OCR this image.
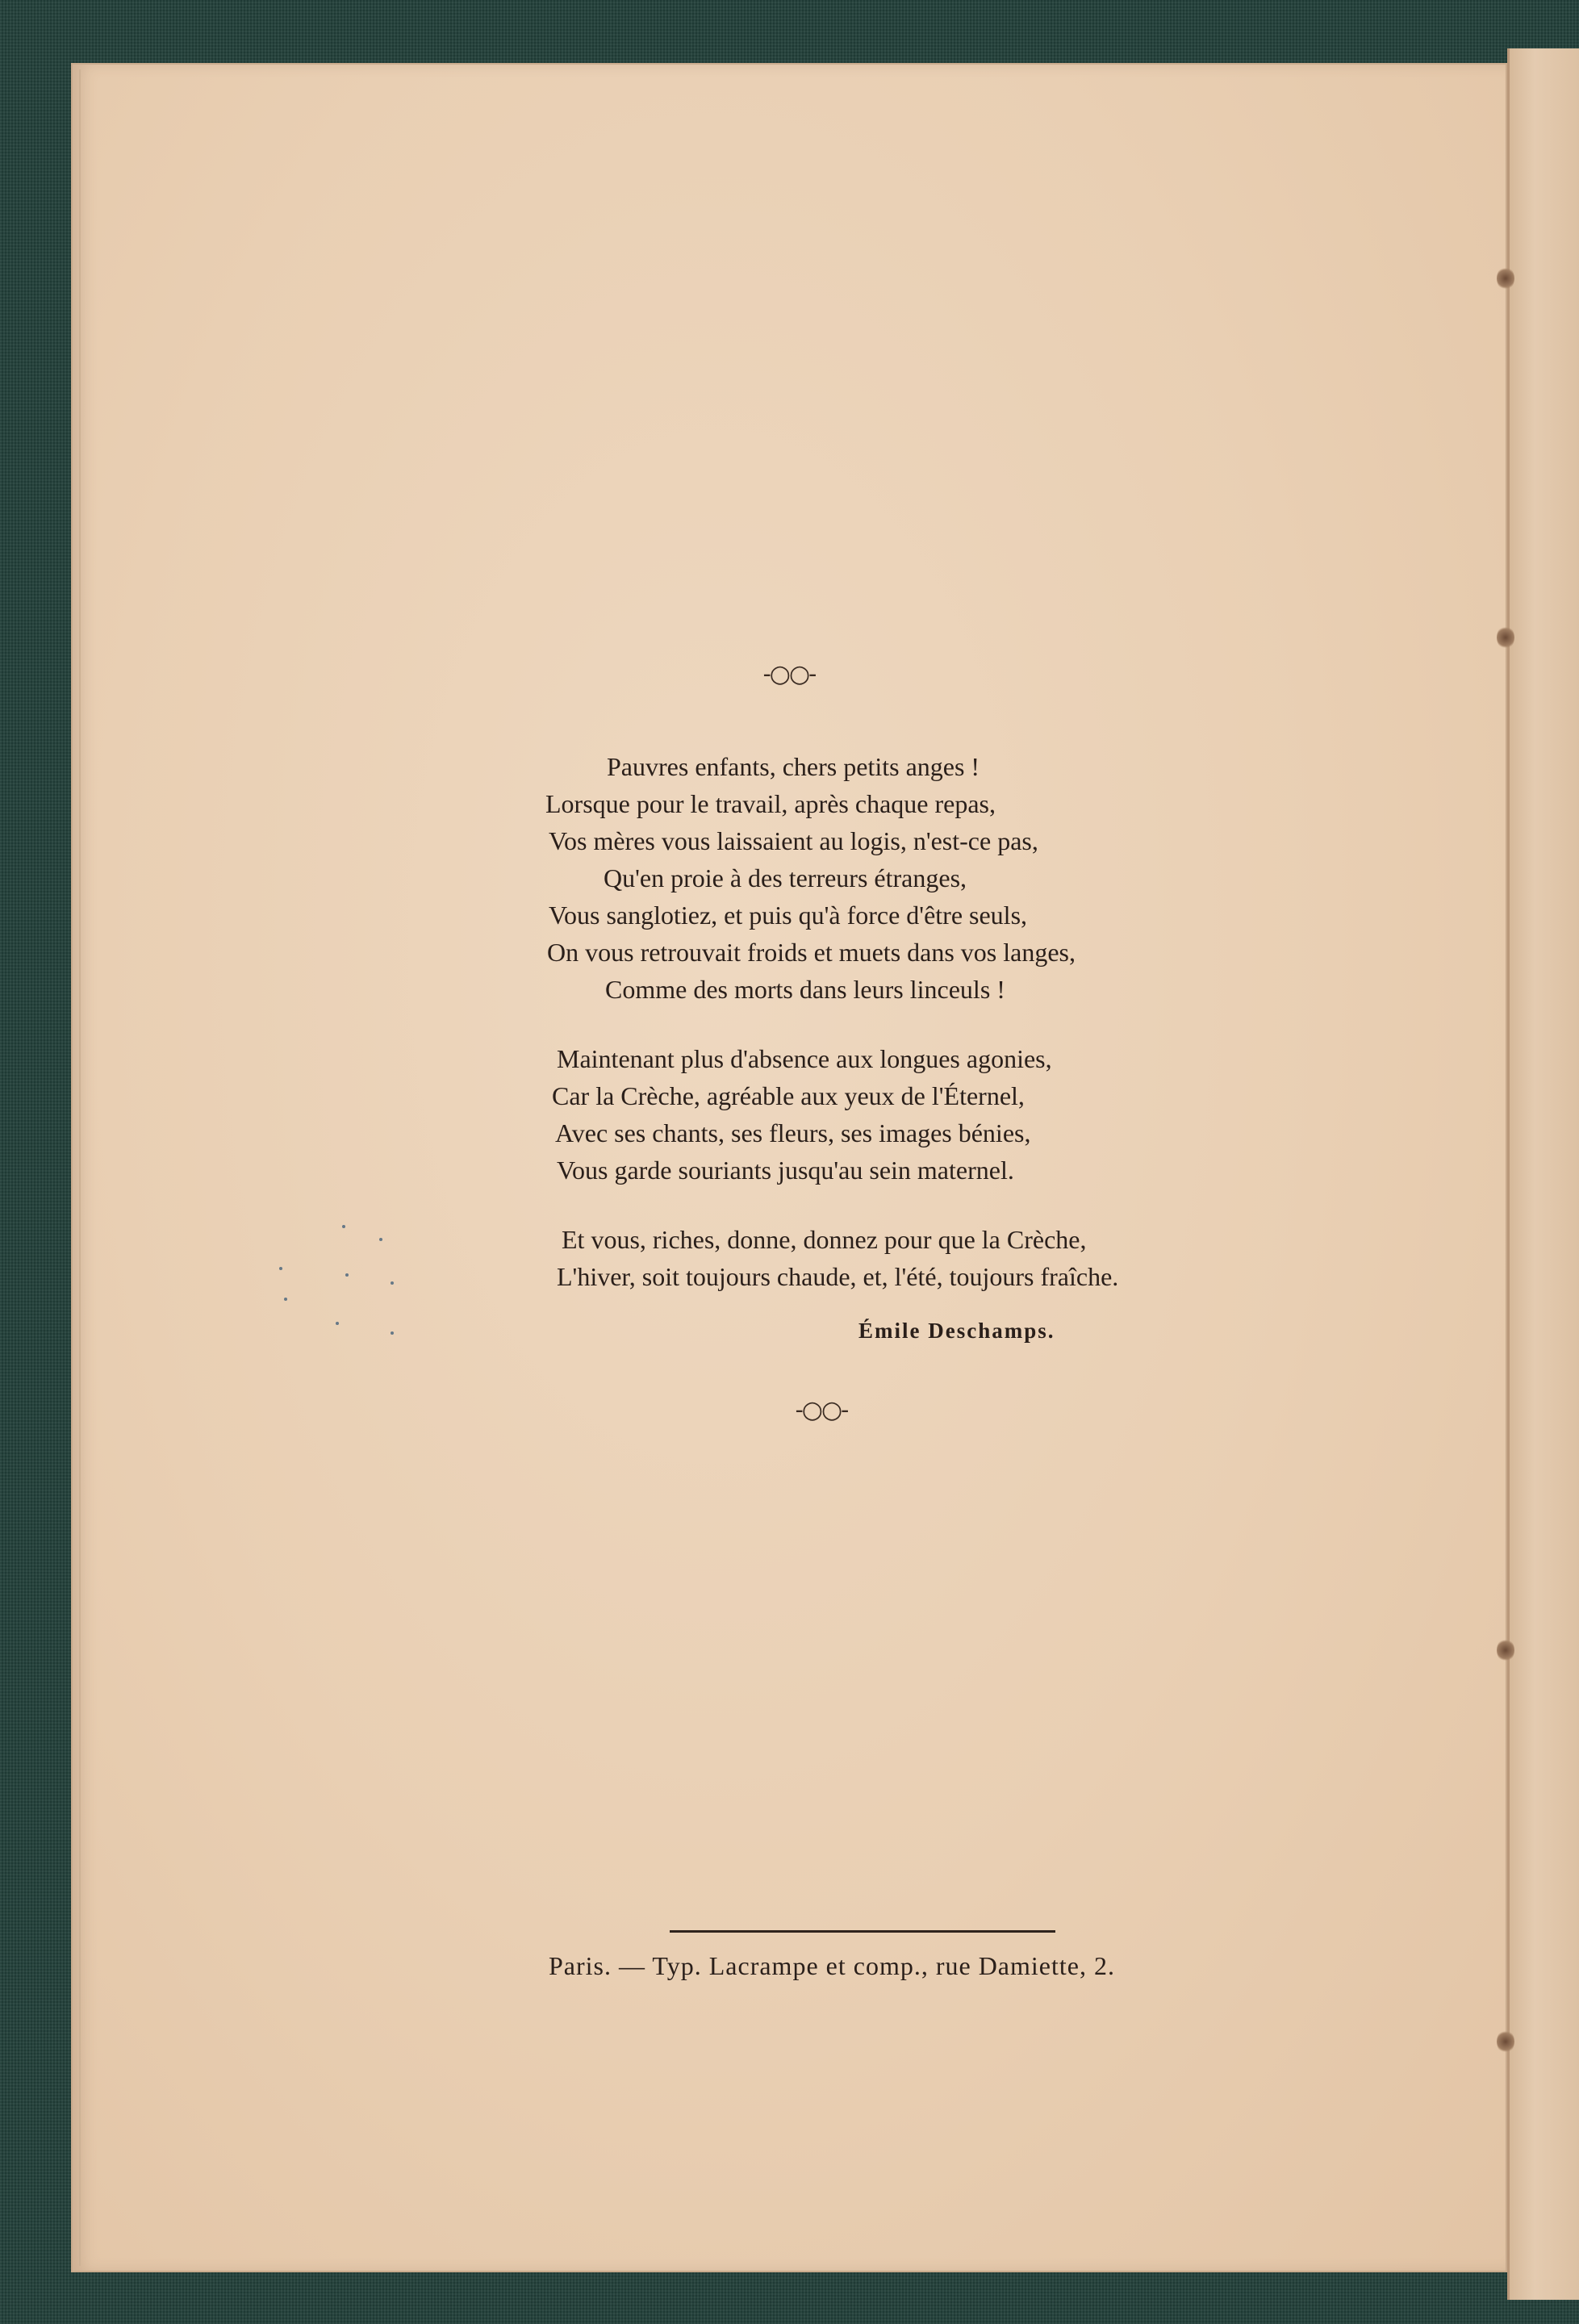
-○○-
Pauvres enfants, chers petits anges !
Lorsque pour le travail, après chaque repas,
Vos mères vous laissaient au logis, n'est-ce pas,
Qu'en proie à des terreurs étranges,
Vous sanglotiez, et puis qu'à force d'être seuls,
On vous retrouvait froids et muets dans vos langes,
Comme des morts dans leurs linceuls !
Maintenant plus d'absence aux longues agonies,
Car la Crèche, agréable aux yeux de l'Éternel,
Avec ses chants, ses fleurs, ses images bénies,
Vous garde souriants jusqu'au sein maternel.
Et vous, riches, donne, donnez pour que la Crèche,
L'hiver, soit toujours chaude, et, l'été, toujours fraîche.
Émile Deschamps.
-○○-
Paris. — Typ. Lacrampe et comp., rue Damiette, 2.
